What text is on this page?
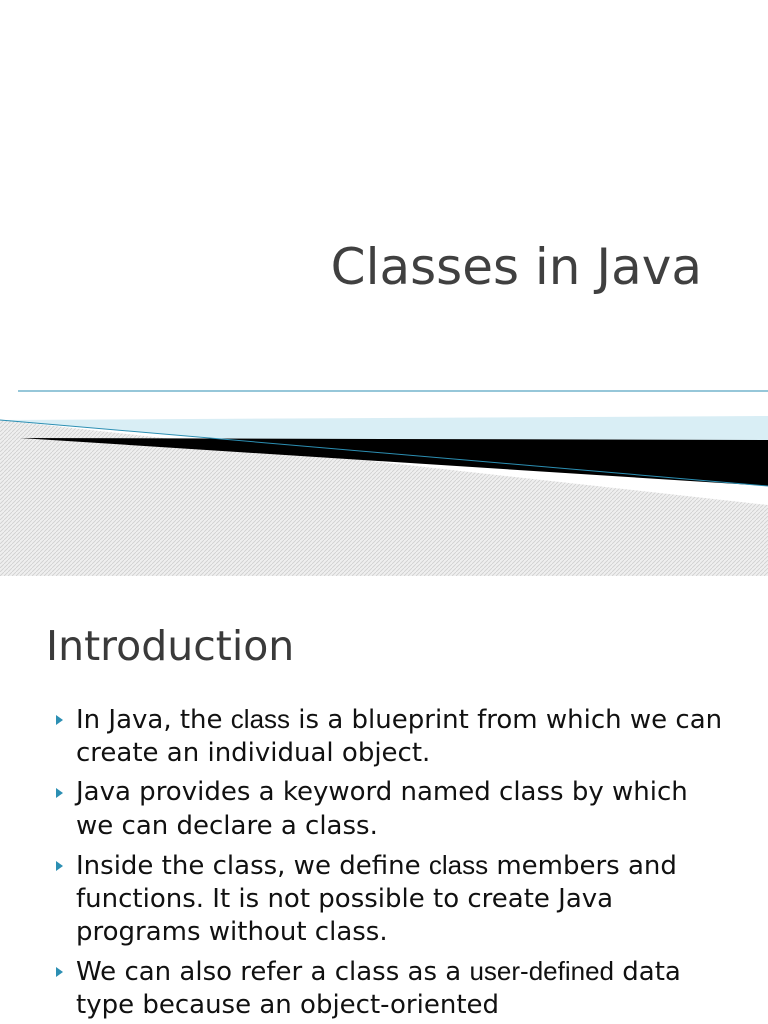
Classes in Java
Introduction
In Java, the class is a blueprint from which we can create an individual object.
Java provides a keyword named class by which we can declare a class.
Inside the class, we define class members and functions. It is not possible to create Java programs without class.
We can also refer a class as a user-defined data type because an object-oriented
